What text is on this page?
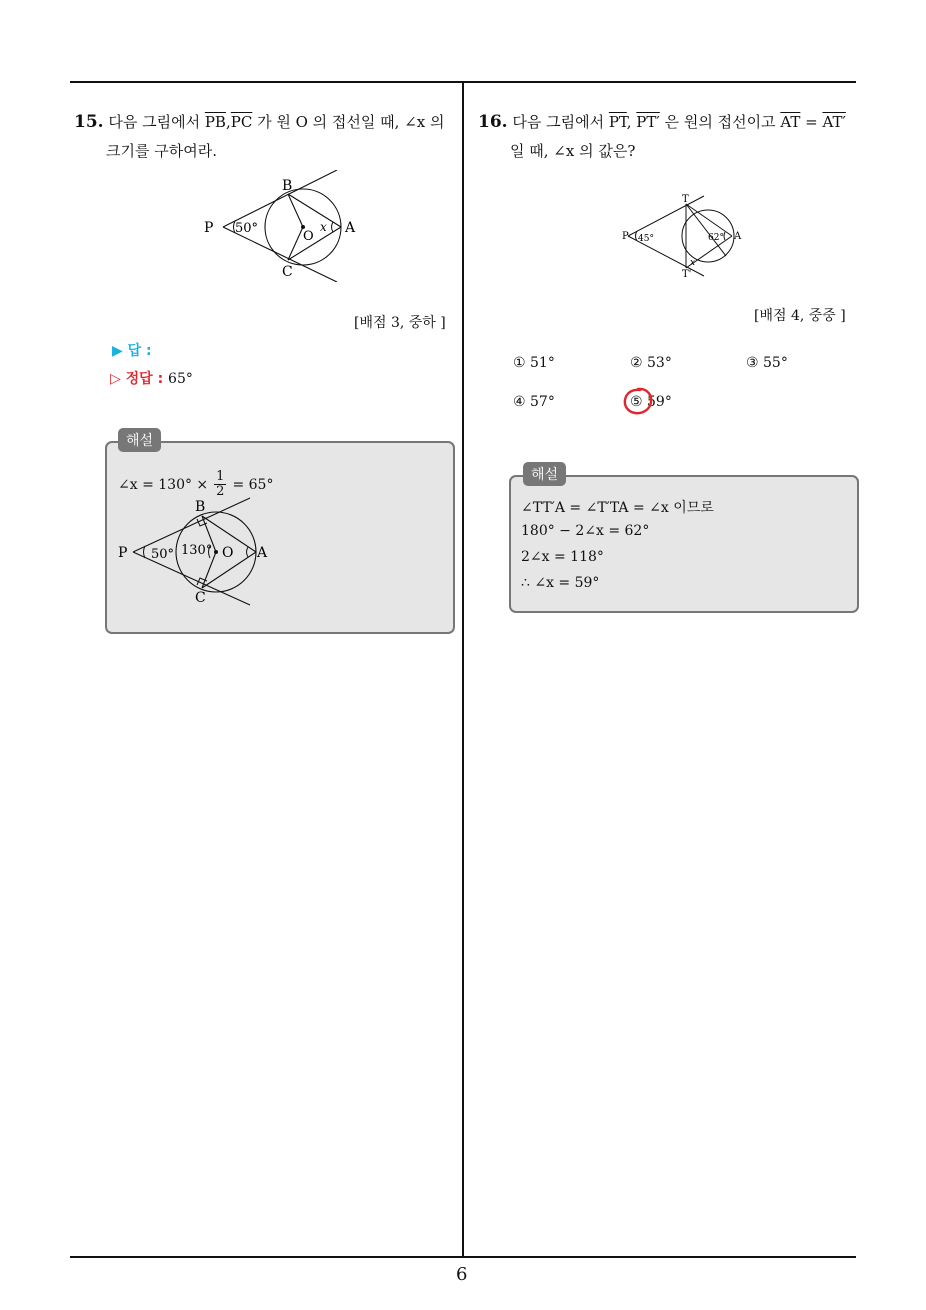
6
15. 다음 그림에서 $\overline{PB},\overline{PC}$ 가 원 O 의 접선일 때, ∠x 의
크기를 구하여라.
B
C
P
O
A
50°	x
[배점 3, 중하 ]
▶ 답 :
▷ 정답 : 65°
해설
∠x = $130^\circ \times \frac{1}{2} = 65^\circ$
B
C
P	O A
50° 130°
16. 다음 그림에서 $\overline{PT}$, PT′ 은 원의 접선이고 $\overline{AT} = AT'$
일 때, ∠x 의 값은?
T
T'
P	A
45°	62°
x
[배점 4, 중중 ]
① 51°	② 53°	③ 55°
④ 57°	⑤ 59°
해설
∠TT′A = ∠T′TA = ∠x 이므로
180° − 2∠x = 62°
2∠x = 118°
∴ ∠x = 59°
